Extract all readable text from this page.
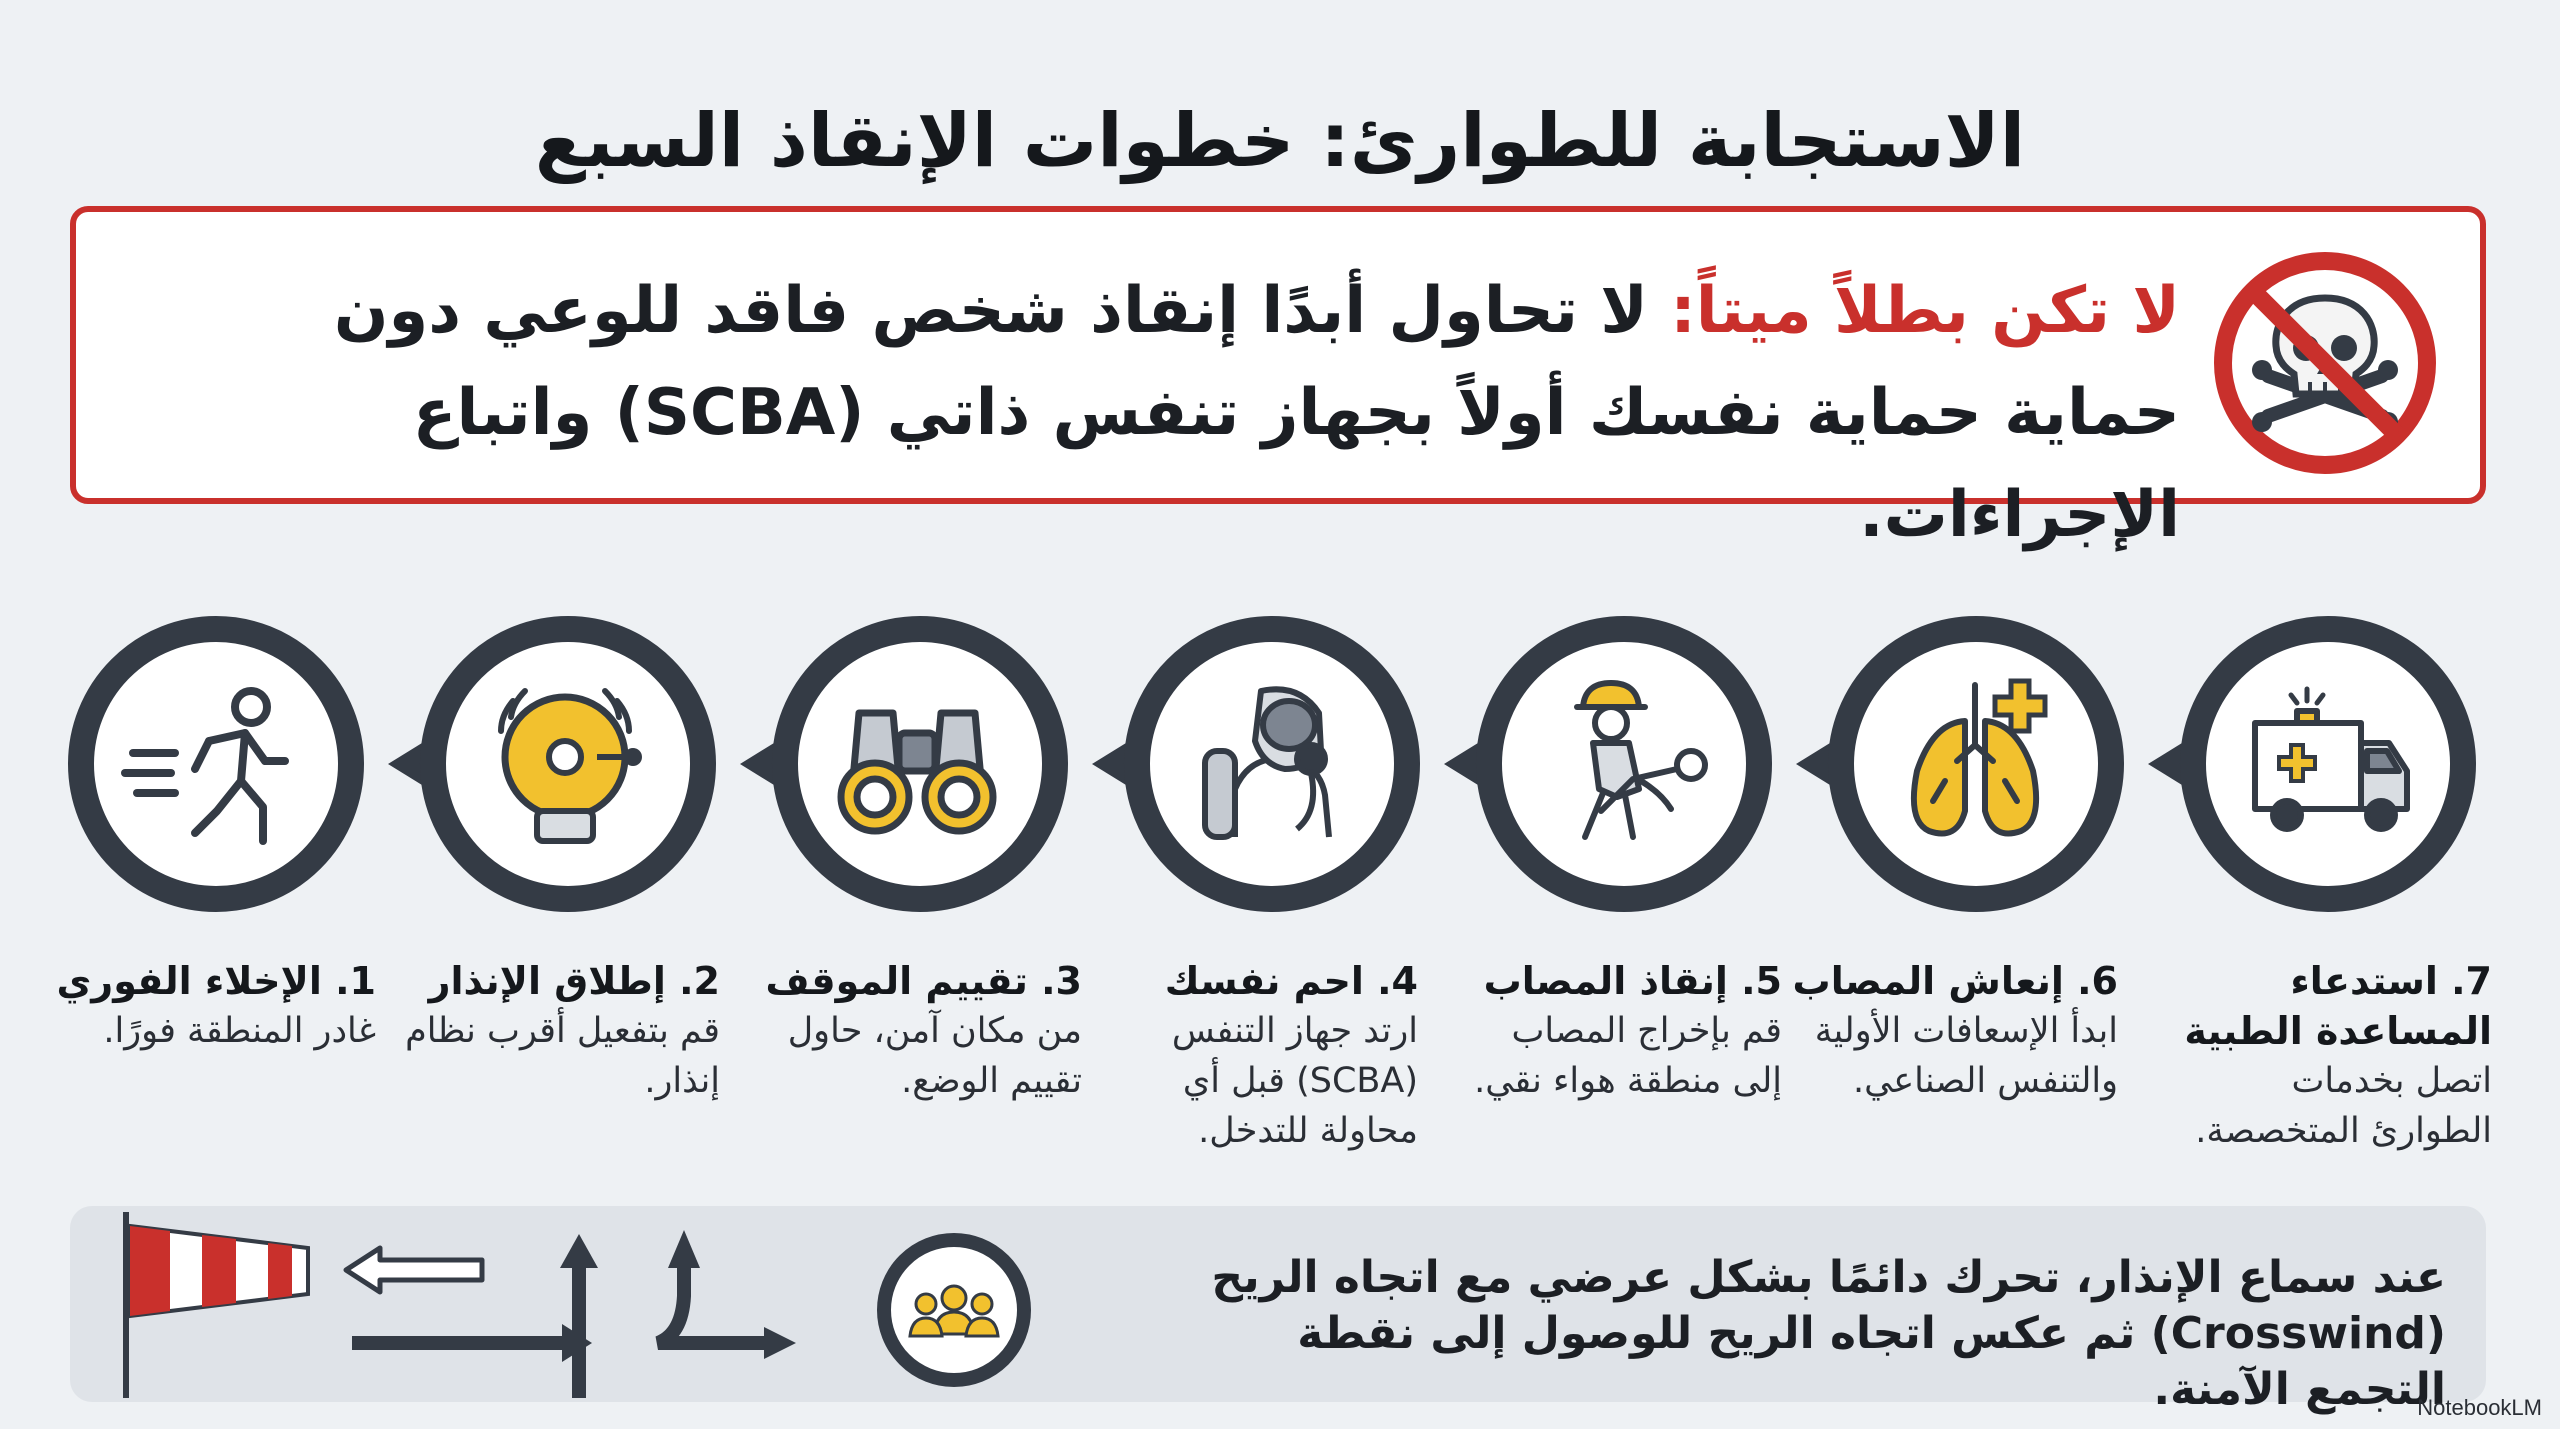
الاستجابة للطوارئ: خطوات الإنقاذ السبع
لا تكن بطلاً ميتاً: لا تحاول أبدًا إنقاذ شخص فاقد للوعي دون حماية حماية نفسك أولاً بجهاز تنفس ذاتي (SCBA) واتباع الإجراءات.
1. الإخلاء الفوري
غادر المنطقة فورًا.
2. إطلاق الإنذار
قم بتفعيل أقرب نظام إنذار.
3. تقييم الموقف
من مكان آمن، حاول تقييم الوضع.
4. احم نفسك
ارتد جهاز التنفس (SCBA) قبل أي محاولة للتدخل.
5. إنقاذ المصاب
قم بإخراج المصاب إلى منطقة هواء نقي.
6. إنعاش المصاب
ابدأ الإسعافات الأولية والتنفس الصناعي.
7. استدعاء المساعدة الطبية
اتصل بخدمات الطوارئ المتخصصة.
عند سماع الإنذار، تحرك دائمًا بشكل عرضي مع اتجاه الريح (Crosswind) ثم عكس اتجاه الريح للوصول إلى نقطة التجمع الآمنة.
NotebookLM
